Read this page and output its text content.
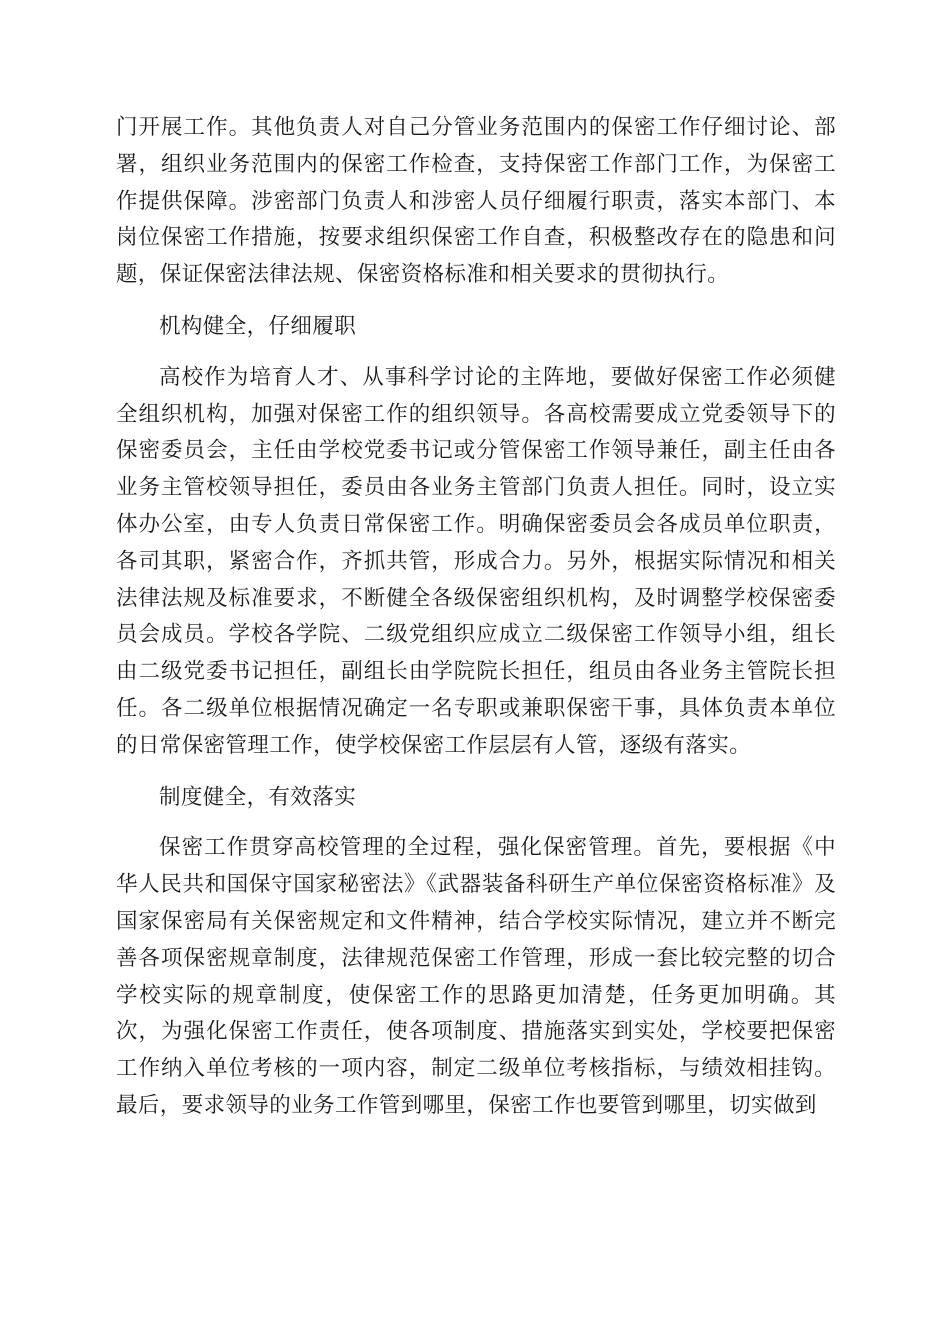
门开展工作。其他负责人对自己分管业务范围内的保密工作仔细讨论、部署，组织业务范围内的保密工作检查，支持保密工作部门工作，为保密工作提供保障。涉密部门负责人和涉密人员仔细履行职责，落实本部门、本岗位保密工作措施，按要求组织保密工作自查，积极整改存在的隐患和问题，保证保密法律法规、保密资格标准和相关要求的贯彻执行。

机构健全，仔细履职

高校作为培育人才、从事科学讨论的主阵地，要做好保密工作必须健全组织机构，加强对保密工作的组织领导。各高校需要成立党委领导下的保密委员会，主任由学校党委书记或分管保密工作领导兼任，副主任由各业务主管校领导担任，委员由各业务主管部门负责人担任。同时，设立实体办公室，由专人负责日常保密工作。明确保密委员会各成员单位职责，各司其职，紧密合作，齐抓共管，形成合力。另外，根据实际情况和相关法律法规及标准要求，不断健全各级保密组织机构，及时调整学校保密委员会成员。学校各学院、二级党组织应成立二级保密工作领导小组，组长由二级党委书记担任，副组长由学院院长担任，组员由各业务主管院长担任。各二级单位根据情况确定一名专职或兼职保密干事，具体负责本单位的日常保密管理工作，使学校保密工作层层有人管，逐级有落实。

制度健全，有效落实

保密工作贯穿高校管理的全过程，强化保密管理。首先，要根据《中华人民共和国保守国家秘密法》《武器装备科研生产单位保密资格标准》及国家保密局有关保密规定和文件精神，结合学校实际情况，建立并不断完善各项保密规章制度，法律规范保密工作管理，形成一套比较完整的切合学校实际的规章制度，使保密工作的思路更加清楚，任务更加明确。其次，为强化保密工作责任，使各项制度、措施落实到实处，学校要把保密工作纳入单位考核的一项内容，制定二级单位考核指标，与绩效相挂钩。最后，要求领导的业务工作管到哪里，保密工作也要管到哪里，切实做到
